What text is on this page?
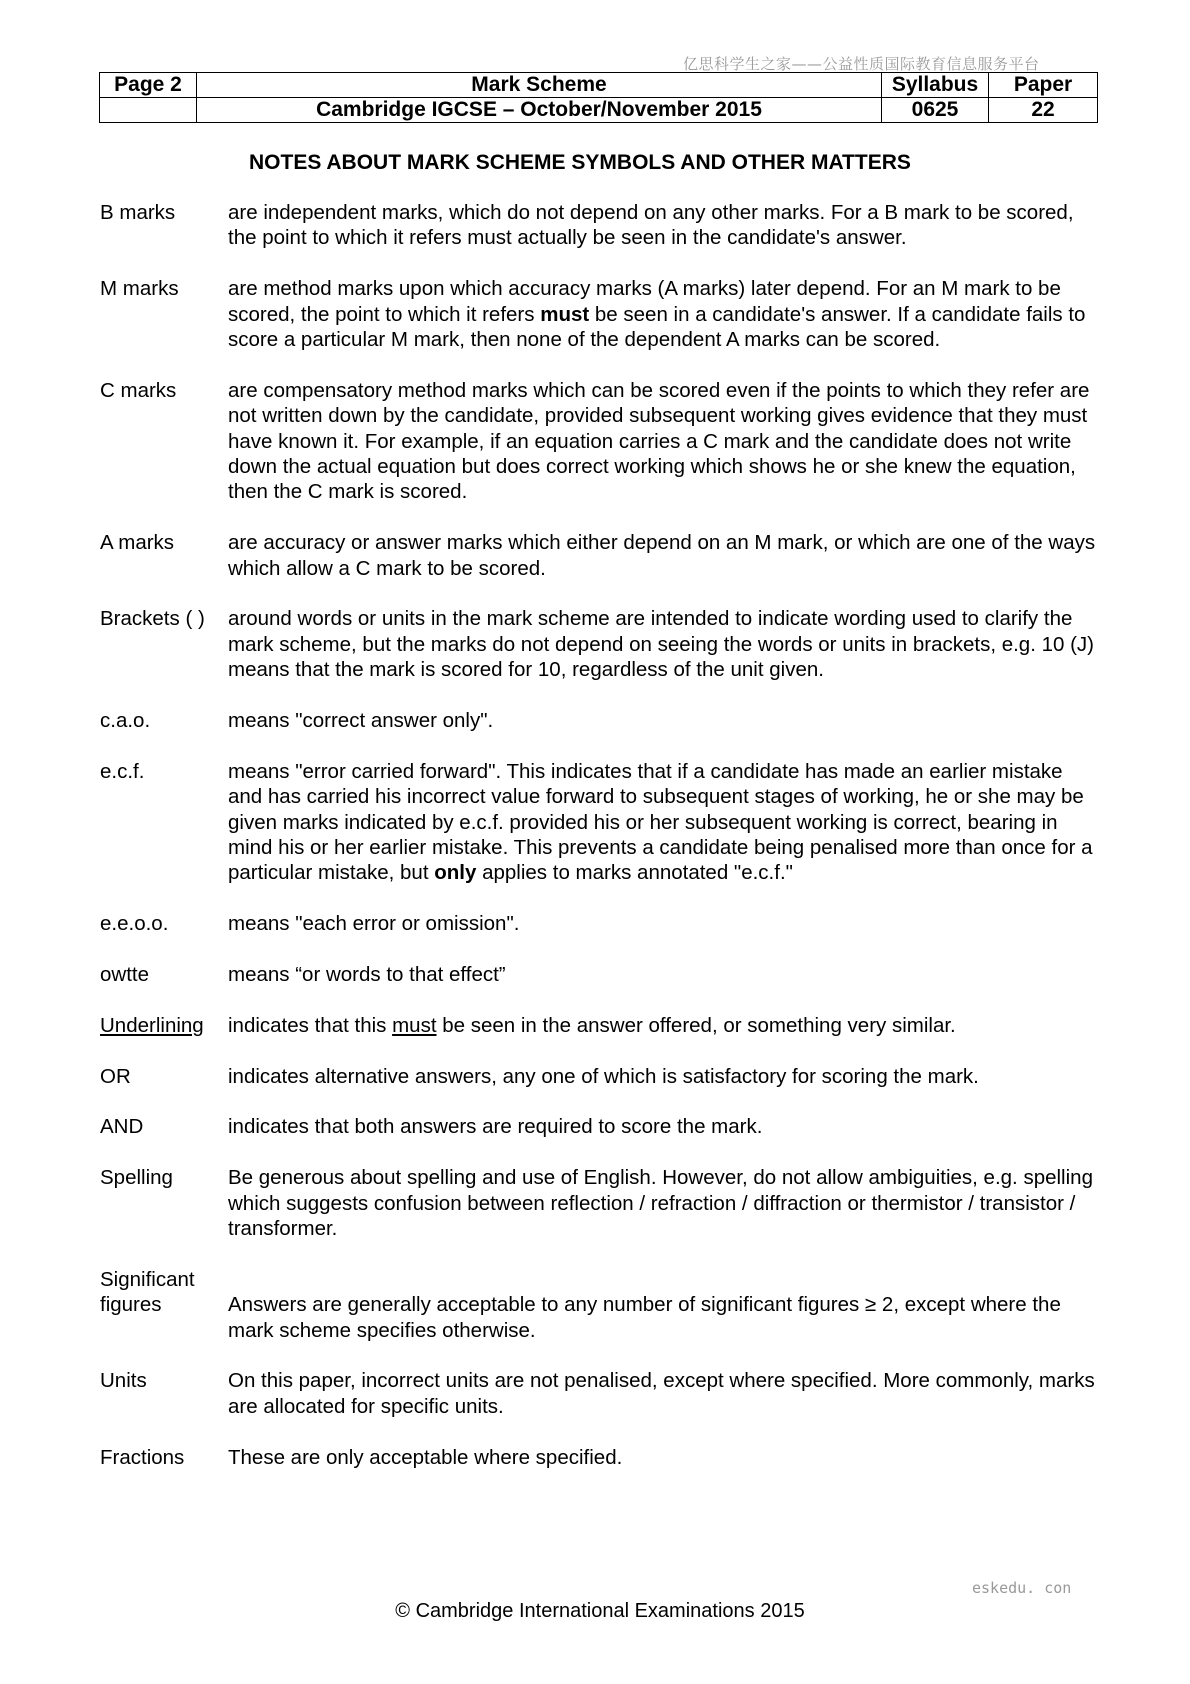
亿思科学生之家——公益性质国际教育信息服务平台
Page 2	Mark Scheme	Syllabus	Paper
	Cambridge IGCSE – October/November 2015	0625	22
NOTES ABOUT MARK SCHEME SYMBOLS AND OTHER MATTERS
B marks	are independent marks, which do not depend on any other marks. For a B mark to be scored, the point to which it refers must actually be seen in the candidate's answer.
M marks	are method marks upon which accuracy marks (A marks) later depend. For an M mark to be scored, the point to which it refers must be seen in a candidate's answer. If a candidate fails to score a particular M mark, then none of the dependent A marks can be scored.
C marks	are compensatory method marks which can be scored even if the points to which they refer are not written down by the candidate, provided subsequent working gives evidence that they must have known it. For example, if an equation carries a C mark and the candidate does not write down the actual equation but does correct working which shows he or she knew the equation, then the C mark is scored.
A marks	are accuracy or answer marks which either depend on an M mark, or which are one of the ways which allow a C mark to be scored.
Brackets ( )	around words or units in the mark scheme are intended to indicate wording used to clarify the mark scheme, but the marks do not depend on seeing the words or units in brackets, e.g. 10 (J) means that the mark is scored for 10, regardless of the unit given.
c.a.o.	means "correct answer only".
e.c.f.	means "error carried forward". This indicates that if a candidate has made an earlier mistake and has carried his incorrect value forward to subsequent stages of working, he or she may be given marks indicated by e.c.f. provided his or her subsequent working is correct, bearing in mind his or her earlier mistake. This prevents a candidate being penalised more than once for a particular mistake, but only applies to marks annotated "e.c.f."
e.e.o.o.	means "each error or omission".
owtte	means “or words to that effect”
Underlining	indicates that this must be seen in the answer offered, or something very similar.
OR	indicates alternative answers, any one of which is satisfactory for scoring the mark.
AND	indicates that both answers are required to score the mark.
Spelling	Be generous about spelling and use of English. However, do not allow ambiguities, e.g. spelling which suggests confusion between reflection / refraction / diffraction or thermistor / transistor / transformer.
Significant
figures
	Answers are generally acceptable to any number of significant figures ≥ 2, except where the mark scheme specifies otherwise.
Units	On this paper, incorrect units are not penalised, except where specified. More commonly, marks are allocated for specific units.
Fractions	These are only acceptable where specified.
eskedu. con
© Cambridge International Examinations 2015
